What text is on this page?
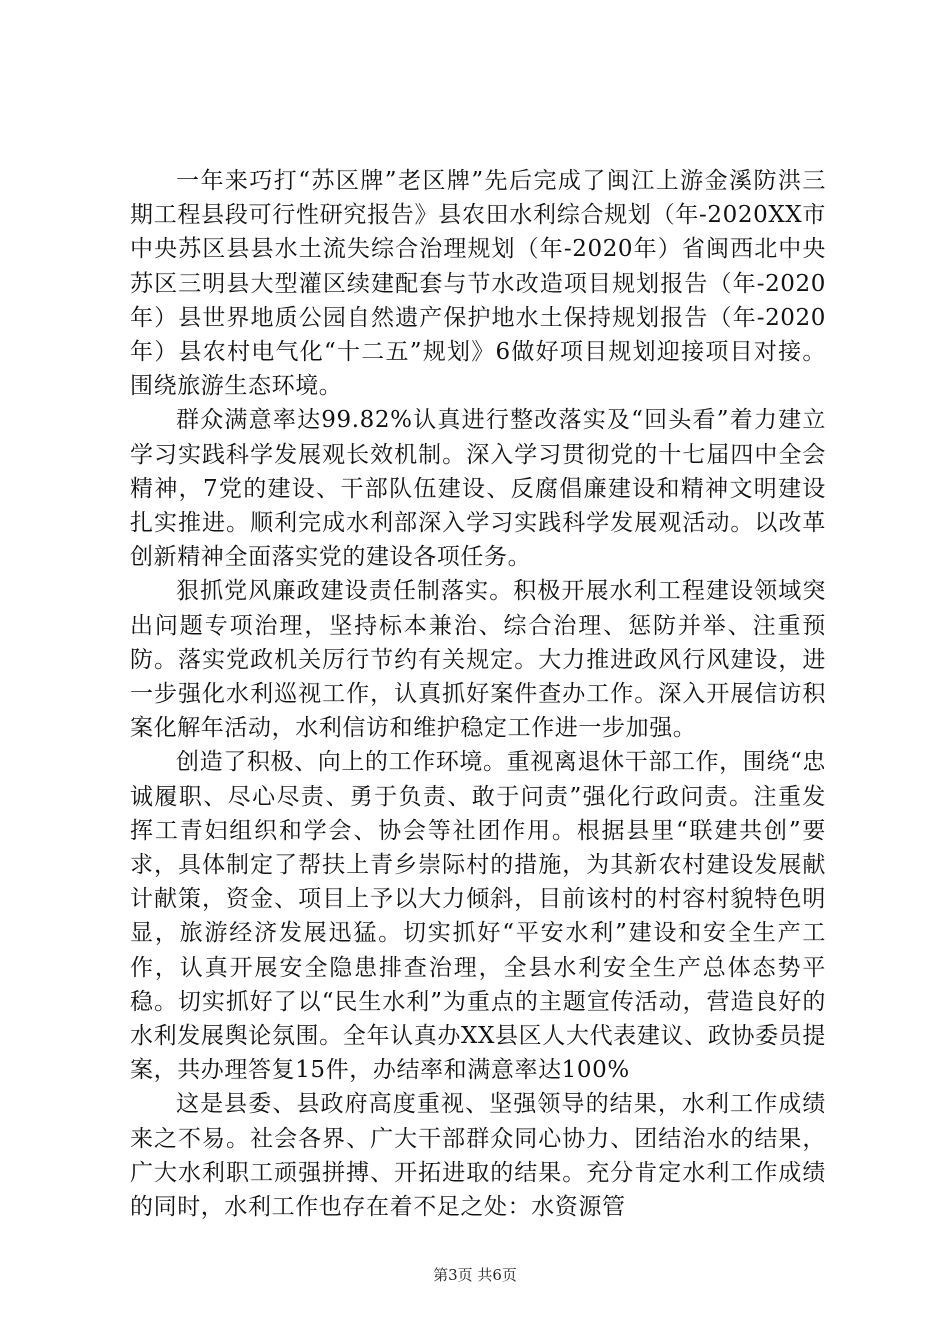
一年来巧打“苏区牌”老区牌”先后完成了闽江上游金溪防洪三期工程县段可行性研究报告》县农田水利综合规划（年-2020XX市中央苏区县县水土流失综合治理规划（年-2020年）省闽西北中央苏区三明县大型灌区续建配套与节水改造项目规划报告（年-2020年）县世界地质公园自然遗产保护地水土保持规划报告（年-2020年）县农村电气化“十二五”规划》6做好项目规划迎接项目对接。围绕旅游生态环境。

群众满意率达99.82%认真进行整改落实及“回头看”着力建立学习实践科学发展观长效机制。深入学习贯彻党的十七届四中全会精神，7党的建设、干部队伍建设、反腐倡廉建设和精神文明建设扎实推进。顺利完成水利部深入学习实践科学发展观活动。以改革创新精神全面落实党的建设各项任务。

狠抓党风廉政建设责任制落实。积极开展水利工程建设领域突出问题专项治理，坚持标本兼治、综合治理、惩防并举、注重预防。落实党政机关厉行节约有关规定。大力推进政风行风建设，进一步强化水利巡视工作，认真抓好案件查办工作。深入开展信访积案化解年活动，水利信访和维护稳定工作进一步加强。

创造了积极、向上的工作环境。重视离退休干部工作，围绕“忠诚履职、尽心尽责、勇于负责、敢于问责”强化行政问责。注重发挥工青妇组织和学会、协会等社团作用。根据县里“联建共创”要求，具体制定了帮扶上青乡崇际村的措施，为其新农村建设发展献计献策，资金、项目上予以大力倾斜，目前该村的村容村貌特色明显，旅游经济发展迅猛。切实抓好“平安水利”建设和安全生产工作，认真开展安全隐患排查治理，全县水利安全生产总体态势平稳。切实抓好了以“民生水利”为重点的主题宣传活动，营造良好的水利发展舆论氛围。全年认真办XX县区人大代表建议、政协委员提案，共办理答复15件，办结率和满意率达100%

这是县委、县政府高度重视、坚强领导的结果，水利工作成绩来之不易。社会各界、广大干部群众同心协力、团结治水的结果，广大水利职工顽强拼搏、开拓进取的结果。充分肯定水利工作成绩的同时，水利工作也存在着不足之处：水资源管

第3页 共6页
